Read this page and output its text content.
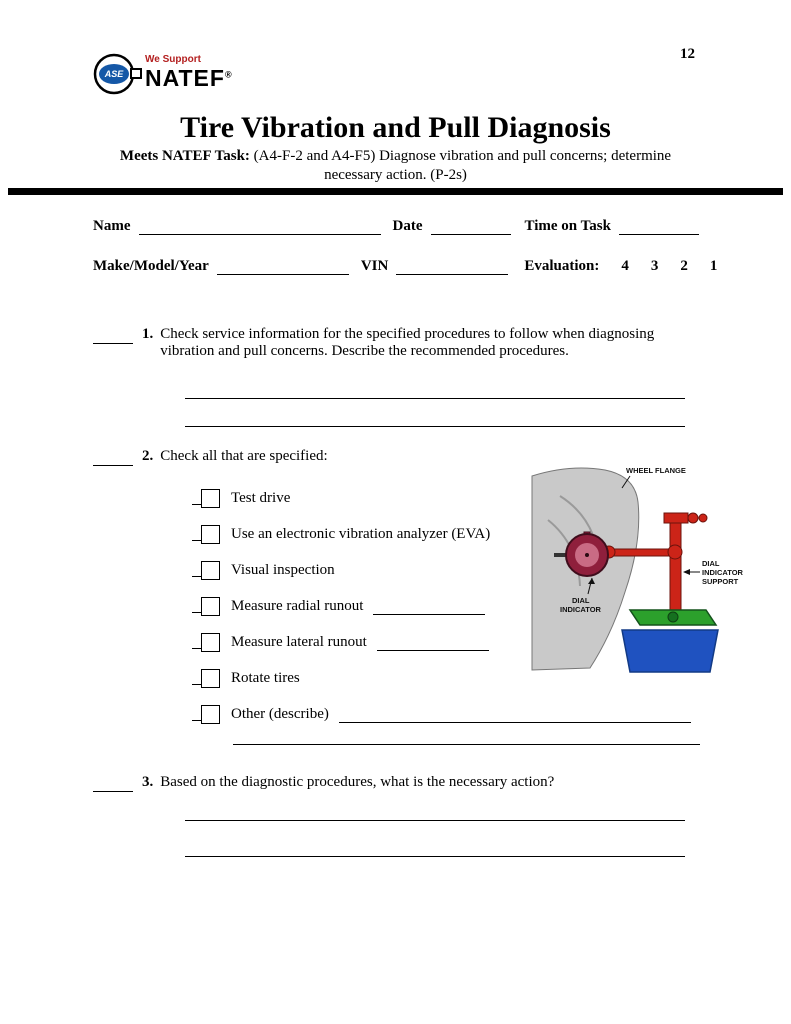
ASE
We Support
NATEF®
12
Tire Vibration and Pull Diagnosis
Meets NATEF Task: (A4-F-2 and A4-F5) Diagnose vibration and pull concerns; determine
necessary action. (P-2s)
Name	Date	Time on Task
Make/Model/Year	VIN	Evaluation: 4 3 2 1
1. Check service information for the specified procedures to follow when diagnosing vibration and pull concerns. Describe the recommended procedures.
2. Check all that are specified:
Test drive
Use an electronic vibration analyzer (EVA)
Visual inspection
Measure radial runout
Measure lateral runout
Rotate tires
Other (describe)
3. Based on the diagnostic procedures, what is the necessary action?
WHEEL FLANGE
DIAL
INDICATOR
DIAL
INDICATOR
SUPPORT
